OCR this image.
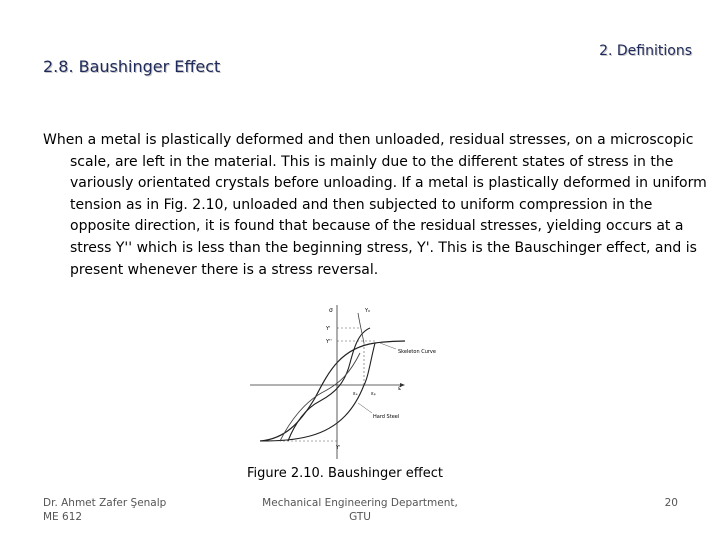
2.8. Baushinger Effect
2. Definitions

When a metal is plastically deformed and then unloaded, residual stresses, on a microscopic scale, are left in the material. This is mainly due to the different states of stress in the variously orientated crystals before unloading. If a metal is plastically deformed in uniform tension as in Fig. 2.10, unloaded and then subjected to uniform compression in the opposite direction, it is found that because of the residual stresses, yielding occurs at a stress Y'' which is less than the beginning stress, Y'. This is the Bauschinger effect, and is present whenever there is a stress reversal.

σ	Y₀
Y'
Y''
Skeleton Curve
ε
εₛ	εₚ
Hard Steel
Y'
Figure 2.10. Baushinger effect
Dr. Ahmet Zafer Şenalp
ME 612
Mechanical Engineering Department,
GTU
20
